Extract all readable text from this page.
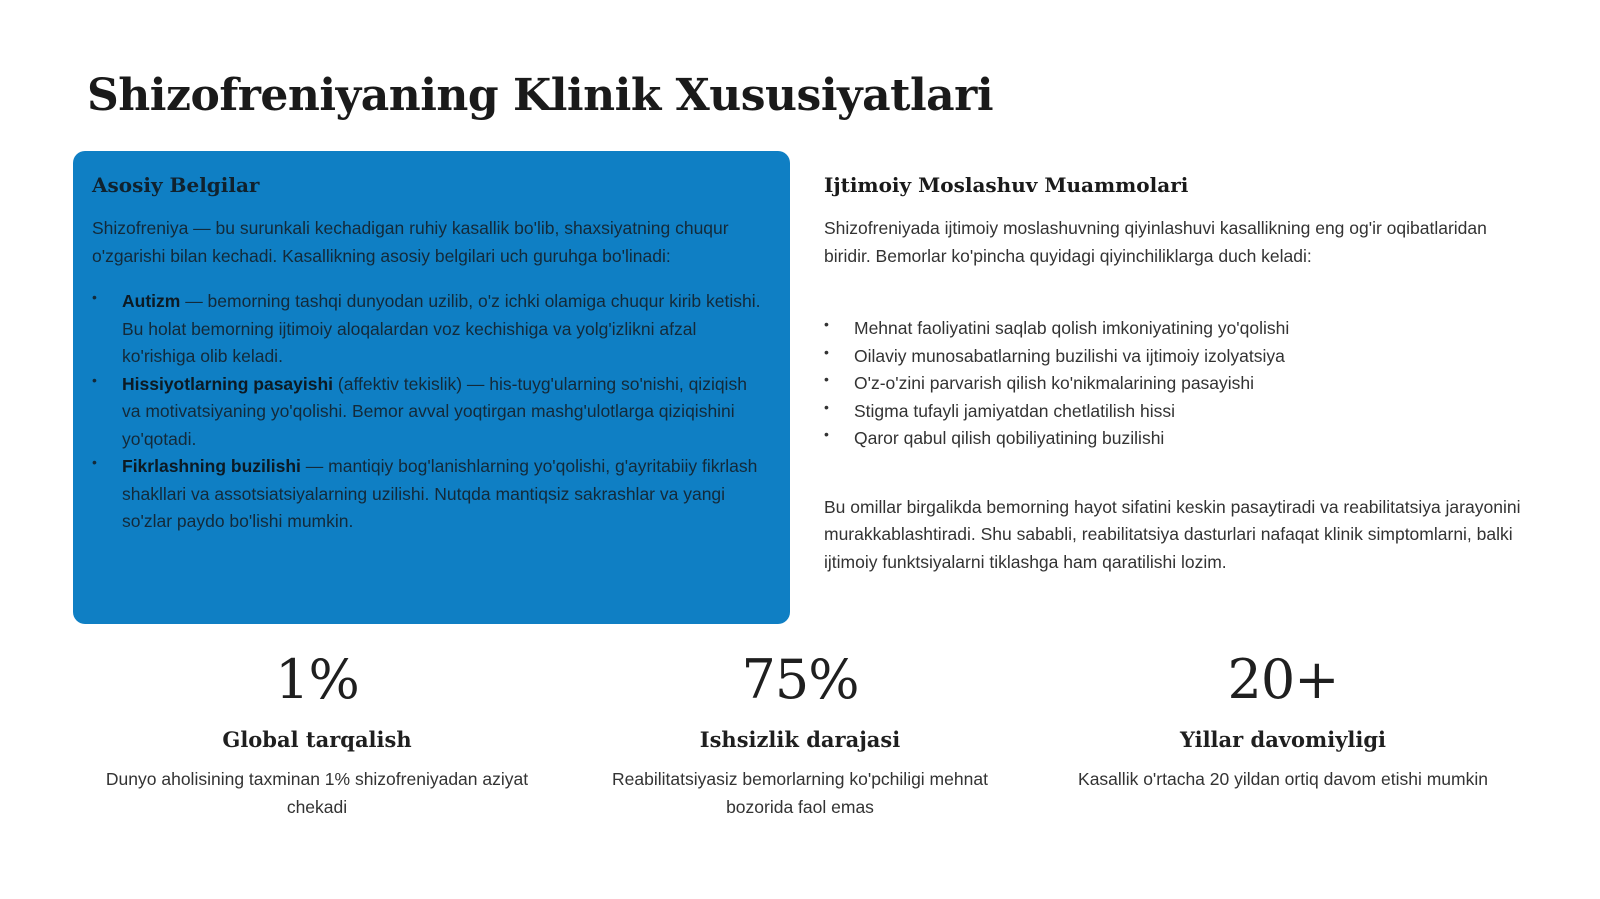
Shizofreniyaning Klinik Xususiyatlari
Asosiy Belgilar

Shizofreniya — bu surunkali kechadigan ruhiy kasallik bo'lib, shaxsiyatning chuqur o'zgarishi bilan kechadi. Kasallikning asosiy belgilari uch guruhga bo'linadi:

• Autizm — bemorning tashqi dunyodan uzilib, o'z ichki olamiga chuqur kirib ketishi. Bu holat bemorning ijtimoiy aloqalardan voz kechishiga va yolg'izlikni afzal ko'rishiga olib keladi.
• Hissiyotlarning pasayishi (affektiv tekislik) — his-tuyg'ularning so'nishi, qiziqish va motivatsiyaning yo'qolishi. Bemor avval yoqtirgan mashg'ulotlarga qiziqishini yo'qotadi.
• Fikrlashning buzilishi — mantiqiy bog'lanishlarning yo'qolishi, g'ayritabiiy fikrlash shakllari va assotsiatsiyalarning uzilishi. Nutqda mantiqsiz sakrashlar va yangi so'zlar paydo bo'lishi mumkin.
Ijtimoiy Moslashuv Muammolari

Shizofreniyada ijtimoiy moslashuvning qiyinlashuvi kasallikning eng og'ir oqibatlaridan biridir. Bemorlar ko'pincha quyidagi qiyinchiliklarga duch keladi:

• Mehnat faoliyatini saqlab qolish imkoniyatining yo'qolishi
• Oilaviy munosabatlarning buzilishi va ijtimoiy izolyatsiya
• O'z-o'zini parvarish qilish ko'nikmalarining pasayishi
• Stigma tufayli jamiyatdan chetlatilish hissi
• Qaror qabul qilish qobiliyatining buzilishi

Bu omillar birgalikda bemorning hayot sifatini keskin pasaytiradi va reabilitatsiya jarayonini murakkablashtiradi. Shu sababli, reabilitatsiya dasturlari nafaqat klinik simptomlarni, balki ijtimoiy funktsiyalarni tiklashga ham qaratilishi lozim.

1%
Global tarqalish
Dunyo aholisining taxminan 1% shizofreniyadan aziyat chekadi
75%
Ishsizlik darajasi
Reabilitatsiyasiz bemorlarning ko'pchiligi mehnat bozorida faol emas
20+
Yillar davomiyligi
Kasallik o'rtacha 20 yildan ortiq davom etishi mumkin
